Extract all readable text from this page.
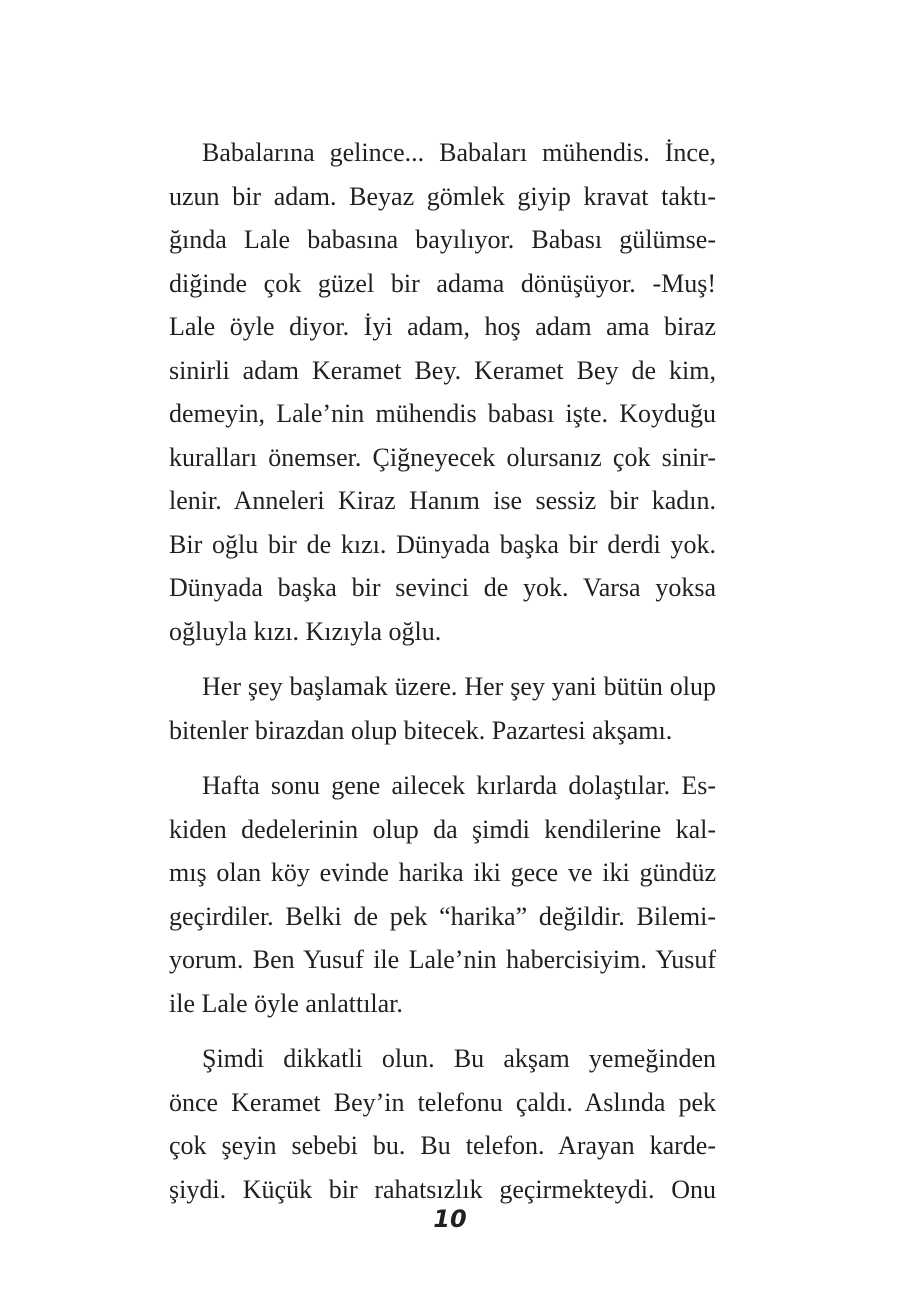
Babalarına gelince... Babaları mühendis. İnce,
uzun bir adam. Beyaz gömlek giyip kravat taktı-
ğında Lale babasına bayılıyor. Babası gülümse-
diğinde çok güzel bir adama dönüşüyor. -Muş!
Lale öyle diyor. İyi adam, hoş adam ama biraz
sinirli adam Keramet Bey. Keramet Bey de kim,
demeyin, Lale’nin mühendis babası işte. Koyduğu
kuralları önemser. Çiğneyecek olursanız çok sinir-
lenir. Anneleri Kiraz Hanım ise sessiz bir kadın.
Bir oğlu bir de kızı. Dünyada başka bir derdi yok.
Dünyada başka bir sevinci de yok. Varsa yoksa
oğluyla kızı. Kızıyla oğlu.

Her şey başlamak üzere. Her şey yani bütün olup
bitenler birazdan olup bitecek. Pazartesi akşamı.

Hafta sonu gene ailecek kırlarda dolaştılar. Es-
kiden dedelerinin olup da şimdi kendilerine kal-
mış olan köy evinde harika iki gece ve iki gündüz
geçirdiler. Belki de pek “harika” değildir. Bilemi-
yorum. Ben Yusuf ile Lale’nin habercisiyim. Yusuf
ile Lale öyle anlattılar.

Şimdi dikkatli olun. Bu akşam yemeğinden
önce Keramet Bey’in telefonu çaldı. Aslında pek
çok şeyin sebebi bu. Bu telefon. Arayan karde-
şiydi. Küçük bir rahatsızlık geçirmekteydi. Onu

10
